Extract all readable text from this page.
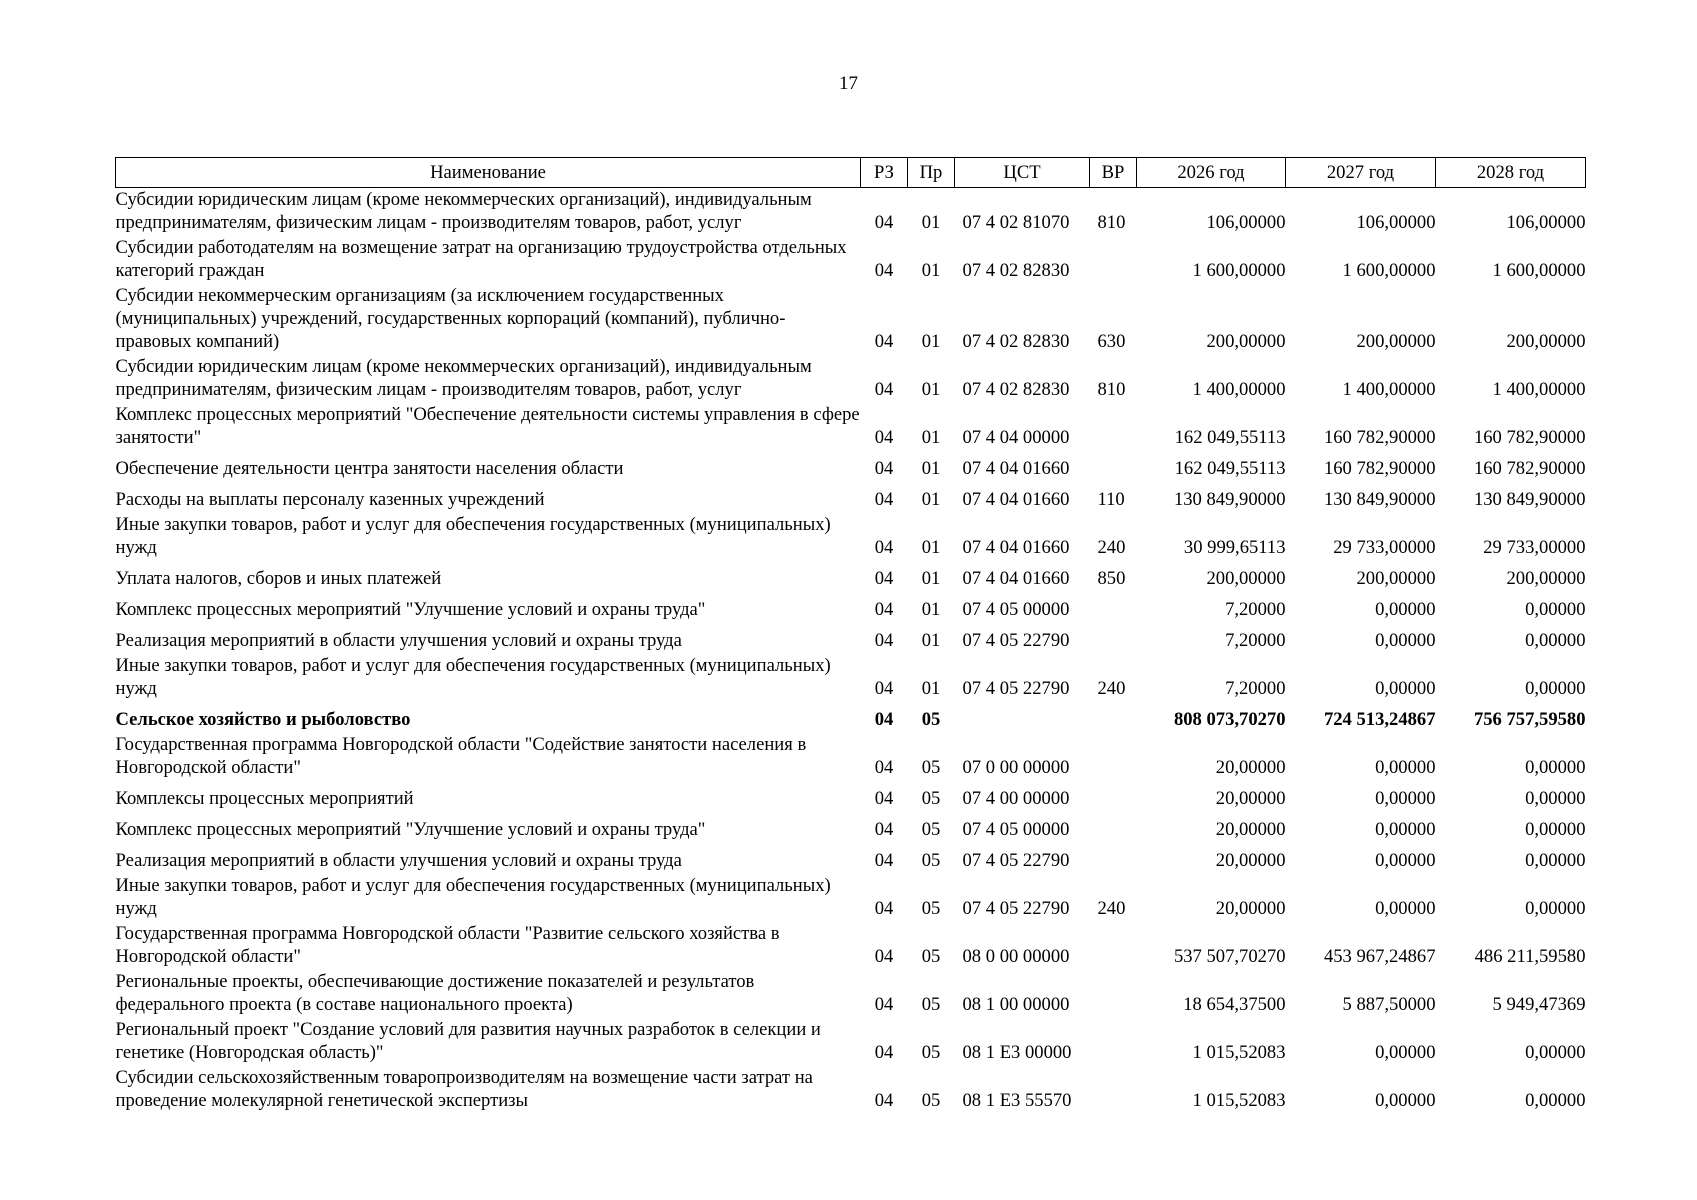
17
Наименование	РЗ	Пр	ЦСТ	ВР	2026 год	2027 год	2028 год
Субсидии юридическим лицам (кроме некоммерческих организаций), индивидуальным предпринимателям, физическим лицам - производителям товаров, работ, услуг	04	01	07 4 02 81070	810	106,00000	106,00000	106,00000
Субсидии работодателям на возмещение затрат на организацию трудоустройства отдельных категорий граждан	04	01	07 4 02 82830		1 600,00000	1 600,00000	1 600,00000
Субсидии некоммерческим организациям (за исключением государственных (муниципальных) учреждений, государственных корпораций (компаний), публично-правовых компаний)	04	01	07 4 02 82830	630	200,00000	200,00000	200,00000
Субсидии юридическим лицам (кроме некоммерческих организаций), индивидуальным предпринимателям, физическим лицам - производителям товаров, работ, услуг	04	01	07 4 02 82830	810	1 400,00000	1 400,00000	1 400,00000
Комплекс процессных мероприятий "Обеспечение деятельности системы управления в сфере занятости"	04	01	07 4 04 00000		162 049,55113	160 782,90000	160 782,90000
Обеспечение деятельности центра занятости населения области	04	01	07 4 04 01660		162 049,55113	160 782,90000	160 782,90000
Расходы на выплаты персоналу казенных учреждений	04	01	07 4 04 01660	110	130 849,90000	130 849,90000	130 849,90000
Иные закупки товаров, работ и услуг для обеспечения государственных (муниципальных) нужд	04	01	07 4 04 01660	240	30 999,65113	29 733,00000	29 733,00000
Уплата налогов, сборов и иных платежей	04	01	07 4 04 01660	850	200,00000	200,00000	200,00000
Комплекс процессных мероприятий "Улучшение условий и охраны труда"	04	01	07 4 05 00000		7,20000	0,00000	0,00000
Реализация мероприятий в области улучшения условий и охраны труда	04	01	07 4 05 22790		7,20000	0,00000	0,00000
Иные закупки товаров, работ и услуг для обеспечения государственных (муниципальных) нужд	04	01	07 4 05 22790	240	7,20000	0,00000	0,00000
Сельское хозяйство и рыболовство	04	05			808 073,70270	724 513,24867	756 757,59580
Государственная программа Новгородской области "Содействие занятости населения в Новгородской области"	04	05	07 0 00 00000		20,00000	0,00000	0,00000
Комплексы процессных мероприятий	04	05	07 4 00 00000		20,00000	0,00000	0,00000
Комплекс процессных мероприятий "Улучшение условий и охраны труда"	04	05	07 4 05 00000		20,00000	0,00000	0,00000
Реализация мероприятий в области улучшения условий и охраны труда	04	05	07 4 05 22790		20,00000	0,00000	0,00000
Иные закупки товаров, работ и услуг для обеспечения государственных (муниципальных) нужд	04	05	07 4 05 22790	240	20,00000	0,00000	0,00000
Государственная программа Новгородской области "Развитие сельского хозяйства в Новгородской области"	04	05	08 0 00 00000		537 507,70270	453 967,24867	486 211,59580
Региональные проекты, обеспечивающие достижение показателей и результатов федерального проекта (в составе национального проекта)	04	05	08 1 00 00000		18 654,37500	5 887,50000	5 949,47369
Региональный проект "Создание условий для развития научных разработок в селекции и генетике (Новгородская область)"	04	05	08 1 E3 00000		1 015,52083	0,00000	0,00000
Субсидии сельскохозяйственным товаропроизводителям на возмещение части затрат на проведение молекулярной генетической экспертизы	04	05	08 1 E3 55570		1 015,52083	0,00000	0,00000
